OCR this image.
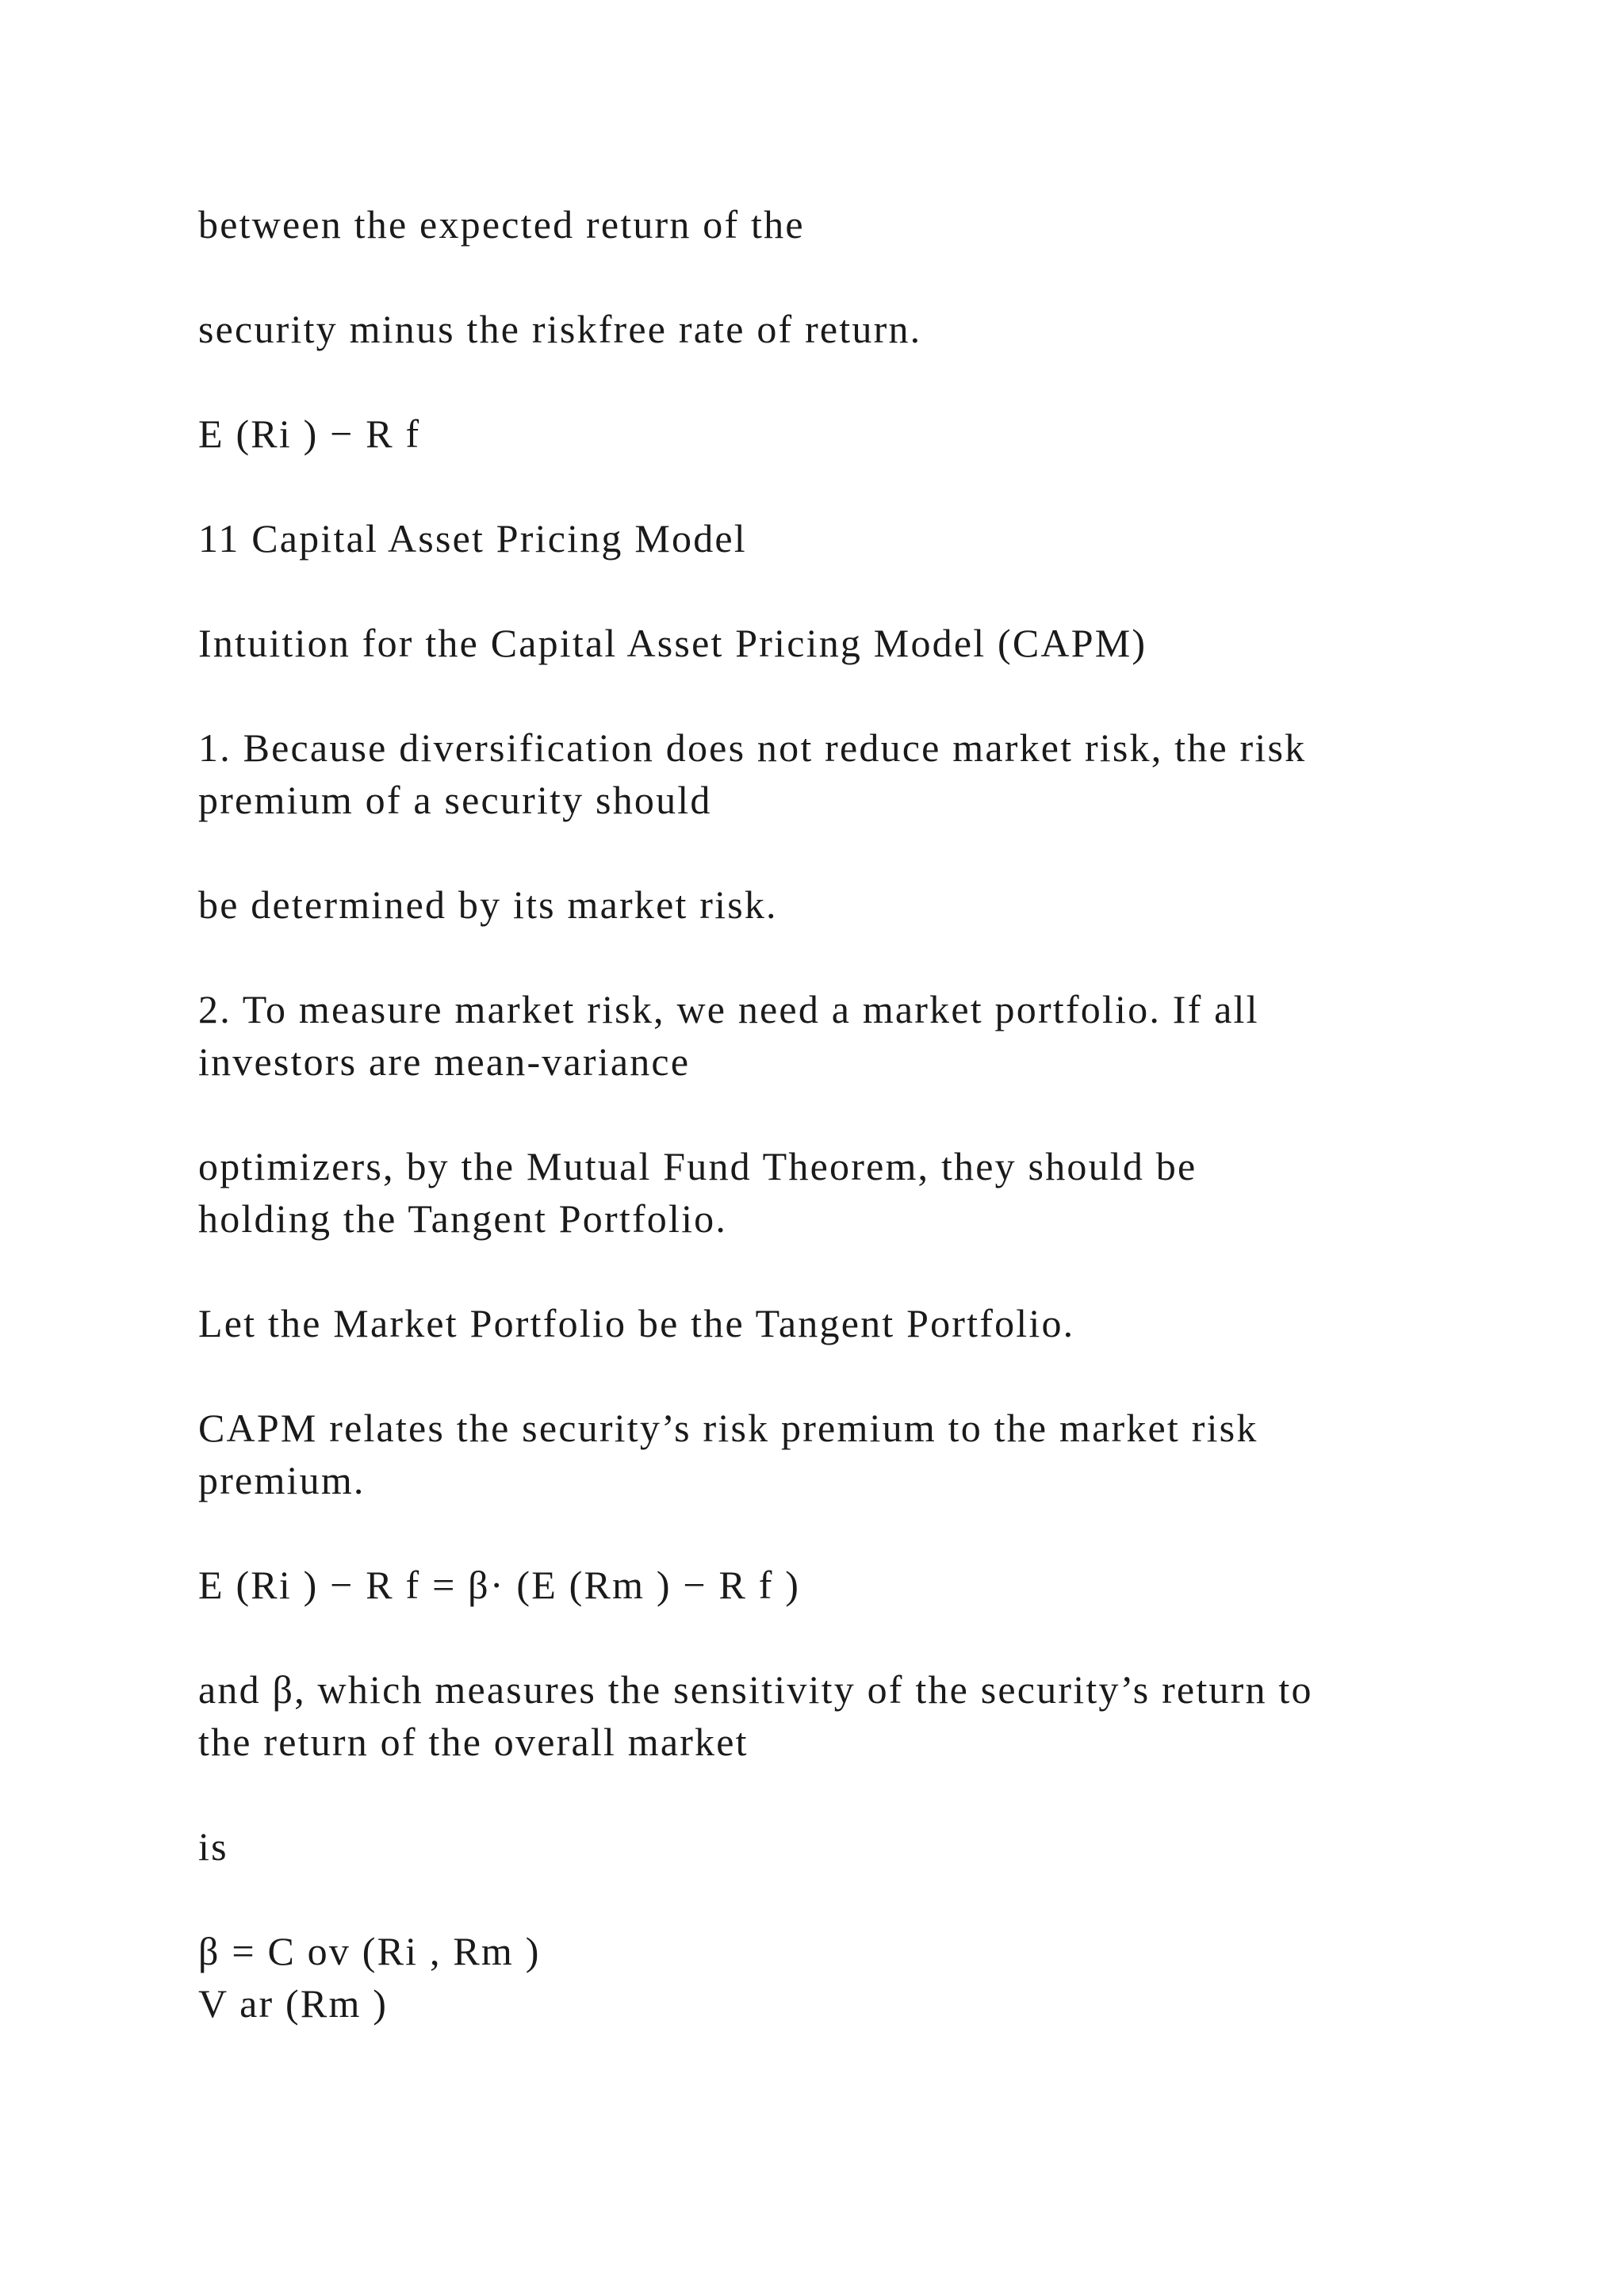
between the expected return of the

security minus the riskfree rate of return.

E (Ri ) − R f

11 Capital Asset Pricing Model

Intuition for the Capital Asset Pricing Model (CAPM)

1. Because diversification does not reduce market risk, the risk
premium of a security should

be determined by its market risk.

2. To measure market risk, we need a market portfolio. If all
investors are mean-variance

optimizers, by the Mutual Fund Theorem, they should be
holding the Tangent Portfolio.

Let the Market Portfolio be the Tangent Portfolio.

CAPM relates the security’s risk premium to the market risk
premium.

E (Ri ) − R f = β· (E (Rm ) − R f )

and β, which measures the sensitivity of the security’s return to
the return of the overall market

is

β = C ov (Ri , Rm )
V ar (Rm )
